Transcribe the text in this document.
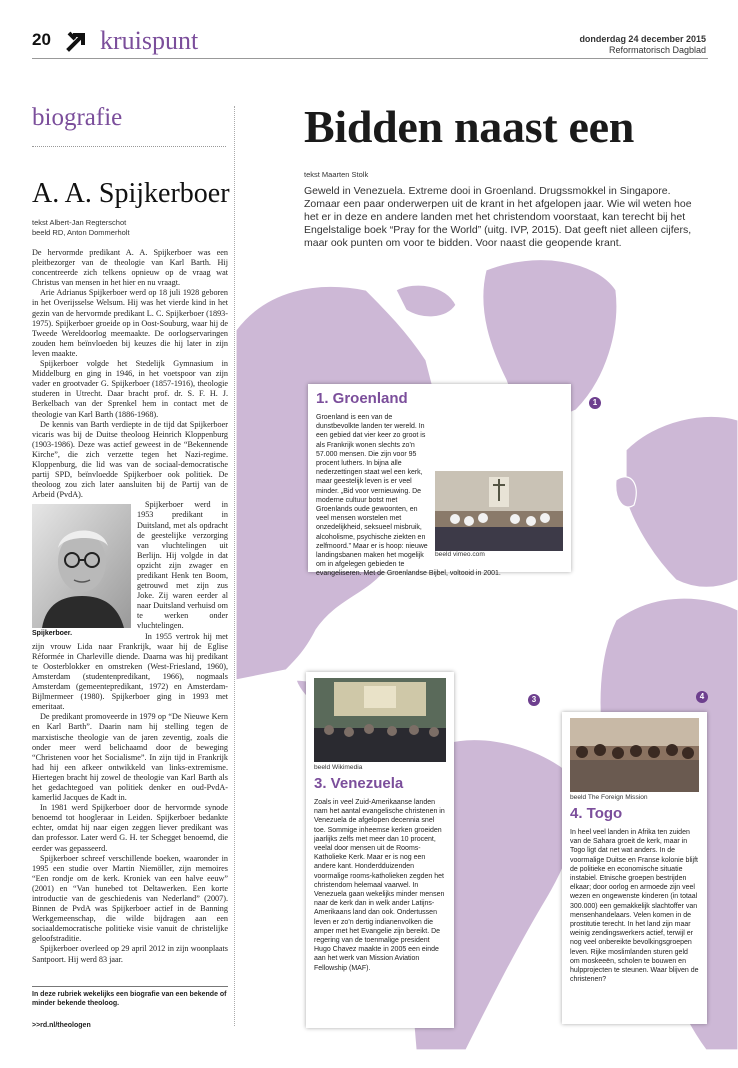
20 kruispunt	donderdag 24 december 2015
Reformatorisch Dagblad
biografie
A. A. Spijkerboer
tekst Albert-Jan Regterschot
beeld RD, Anton Dommerholt

De hervormde predikant A. A. Spijkerboer was een pleitbezorger van de theologie van Karl Barth. Hij concentreerde zich telkens opnieuw op de vraag wat Christus van mensen in het hier en nu vraagt.

Arie Adrianus Spijkerboer werd op 18 juli 1928 geboren in het Overijsselse Welsum. Hij was het vierde kind in het gezin van de hervormde predikant L. C. Spijkerboer (1893-1975). Spijkerboer groeide op in Oost-Souburg, waar hij de Tweede Wereldoorlog meemaakte. De oorlogservaringen zouden hem beïnvloeden bij keuzes die hij later in zijn leven maakte.

Spijkerboer volgde het Stedelijk Gymnasium in Middelburg en ging in 1946, in het voetspoor van zijn vader en grootvader G. Spijkerboer (1857-1916), theologie studeren in Utrecht. Daar bracht prof. dr. S. F. H. J. Berkelbach van der Sprenkel hem in contact met de theologie van Karl Barth (1886-1968).

De kennis van Barth verdiepte in de tijd dat Spijkerboer vicaris was bij de Duitse theoloog Heinrich Kloppenburg (1903-1986). Deze was actief geweest in de “Bekennende Kirche”, die zich verzette tegen het Nazi-regime. Kloppenburg, die lid was van de sociaal-democratische partij SPD, beïnvloedde Spijkerboer ook politiek. De theoloog zou zich later aansluiten bij de Partij van de Arbeid (PvdA).

Spijkerboer.

Spijkerboer werd in 1953 predikant in Duitsland, met als opdracht de geestelijke verzorging van vluchtelingen uit Berlijn. Hij volgde in dat opzicht zijn zwager en predikant Henk ten Boom, getrouwd met zijn zus Joke. Zij waren eerder al naar Duitsland verhuisd om te werken onder vluchtelingen.

In 1955 vertrok hij met zijn vrouw Lida naar Frankrijk, waar hij de Eglise Réformée in Charleville diende. Daarna was hij predikant te Oosterblokker en omstreken (West-Friesland, 1960), Amsterdam (studentenpredikant, 1966), nogmaals Amsterdam (gemeentepredikant, 1972) en Amsterdam-Bijlmermeer (1980). Spijkerboer ging in 1993 met emeritaat.

De predikant promoveerde in 1979 op “De Nieuwe Kern en Karl Barth”. Daarin nam hij stelling tegen de marxistische theologie van de jaren zeventig, zoals die onder meer werd belichaamd door de beweging “Christenen voor het Socialisme”. In zijn tijd in Frankrijk had hij een afkeer ontwikkeld van links-extremisme. Hiertegen bracht hij zowel de theologie van Karl Barth als het gedachtegoed van politiek denker en oud-PvdA-kamerlid Jacques de Kadt in.

In 1981 werd Spijkerboer door de hervormde synode benoemd tot hoogleraar in Leiden. Spijkerboer bedankte echter, omdat hij naar eigen zeggen liever predikant was dan professor. Later werd G. H. ter Schegget benoemd, die eerder was gepasseerd.

Spijkerboer schreef verschillende boeken, waaronder in 1995 een studie over Martin Niemöller, zijn memoires “Een rondje om de kerk. Kroniek van een halve eeuw” (2001) en “Van hunebed tot Deltawerken. Een korte introductie van de geschiedenis van Nederland” (2007). Binnen de PvdA was Spijkerboer actief in de Banning Werkgemeenschap, die wilde bijdragen aan een sociaaldemocratische politieke visie vanuit de christelijke geloofstraditie.

Spijkerboer overleed op 29 april 2012 in zijn woonplaats Santpoort. Hij werd 83 jaar.

In deze rubriek wekelijks een biografie van een bekende of minder bekende theoloog.
>>rd.nl/theologen
Bidden naast een
tekst Maarten Stolk
Geweld in Venezuela. Extreme dooi in Groenland. Drugssmokkel in Singapore. Zomaar een paar onderwerpen uit de krant in het afgelopen jaar. Wie wil weten hoe het er in deze en andere landen met het christendom voorstaat, kan terecht bij het Engelstalige boek “Pray for the World” (uitg. IVP, 2015). Dat geeft niet alleen cijfers, maar ook punten om voor te bidden. Voor naast die geopende krant.
1
3	4
1. Groenland
beeld vimeo.com
Groenland is een van de dunstbevolkte landen ter wereld. In een gebied dat vier keer zo groot is als Frankrijk wonen slechts zo’n 57.000 mensen. Die zijn voor 95 procent luthers. In bijna alle nederzettingen staat wel een kerk, maar geestelijk leven is er veel minder. „Bid voor vernieuwing. De moderne cultuur botst met Groenlands oude gewoonten, en veel mensen worstelen met onzedelijkheid, seksueel misbruik, alcoholisme, psychische ziekten en zelfmoord.” Maar er is hoop: nieuwe landingsbanen maken het mogelijk om in afgelegen gebieden te evangeliseren. Met de Groenlandse Bijbel, voltooid in 2001.
beeld Wikimedia
3. Venezuela
Zoals in veel Zuid-Amerikaanse landen nam het aantal evangelische christenen in Venezuela de afgelopen decennia snel toe. Sommige inheemse kerken groeiden jaarlijks zelfs met meer dan 10 procent, veelal door mensen uit de Rooms-Katholieke Kerk. Maar er is nog een andere kant. Honderdduizenden voormalige rooms-katholieken zegden het christendom helemaal vaarwel. In Venezuela gaan wekelijks minder mensen naar de kerk dan in welk ander Latijns-Amerikaans land dan ook. Ondertussen leven er zo’n dertig indianenvolken die amper met het Evangelie zijn bereikt. De regering van de toenmalige president Hugo Chavez maakte in 2005 een einde aan het werk van Mission Aviation Fellowship (MAF).
beeld The Foreign Mission
4. Togo
In heel veel landen in Afrika ten zuiden van de Sahara groeit de kerk, maar in Togo ligt dat net wat anders. In de voormalige Duitse en Franse kolonie blijft de politieke en economische situatie instabiel. Etnische groepen bestrijden elkaar; door oorlog en armoede zijn veel wezen en ongewenste kinderen (in totaal 300.000) een gemakkelijk slachtoffer van mensenhandelaars. Velen komen in de prostitutie terecht. In het land zijn maar weinig zendingswerkers actief, terwijl er nog veel onbereikte bevolkingsgroepen leven. Rijke moslimlanden sturen geld om moskeeën, scholen te bouwen en hulpprojecten te steunen. Waar blijven de christenen?
